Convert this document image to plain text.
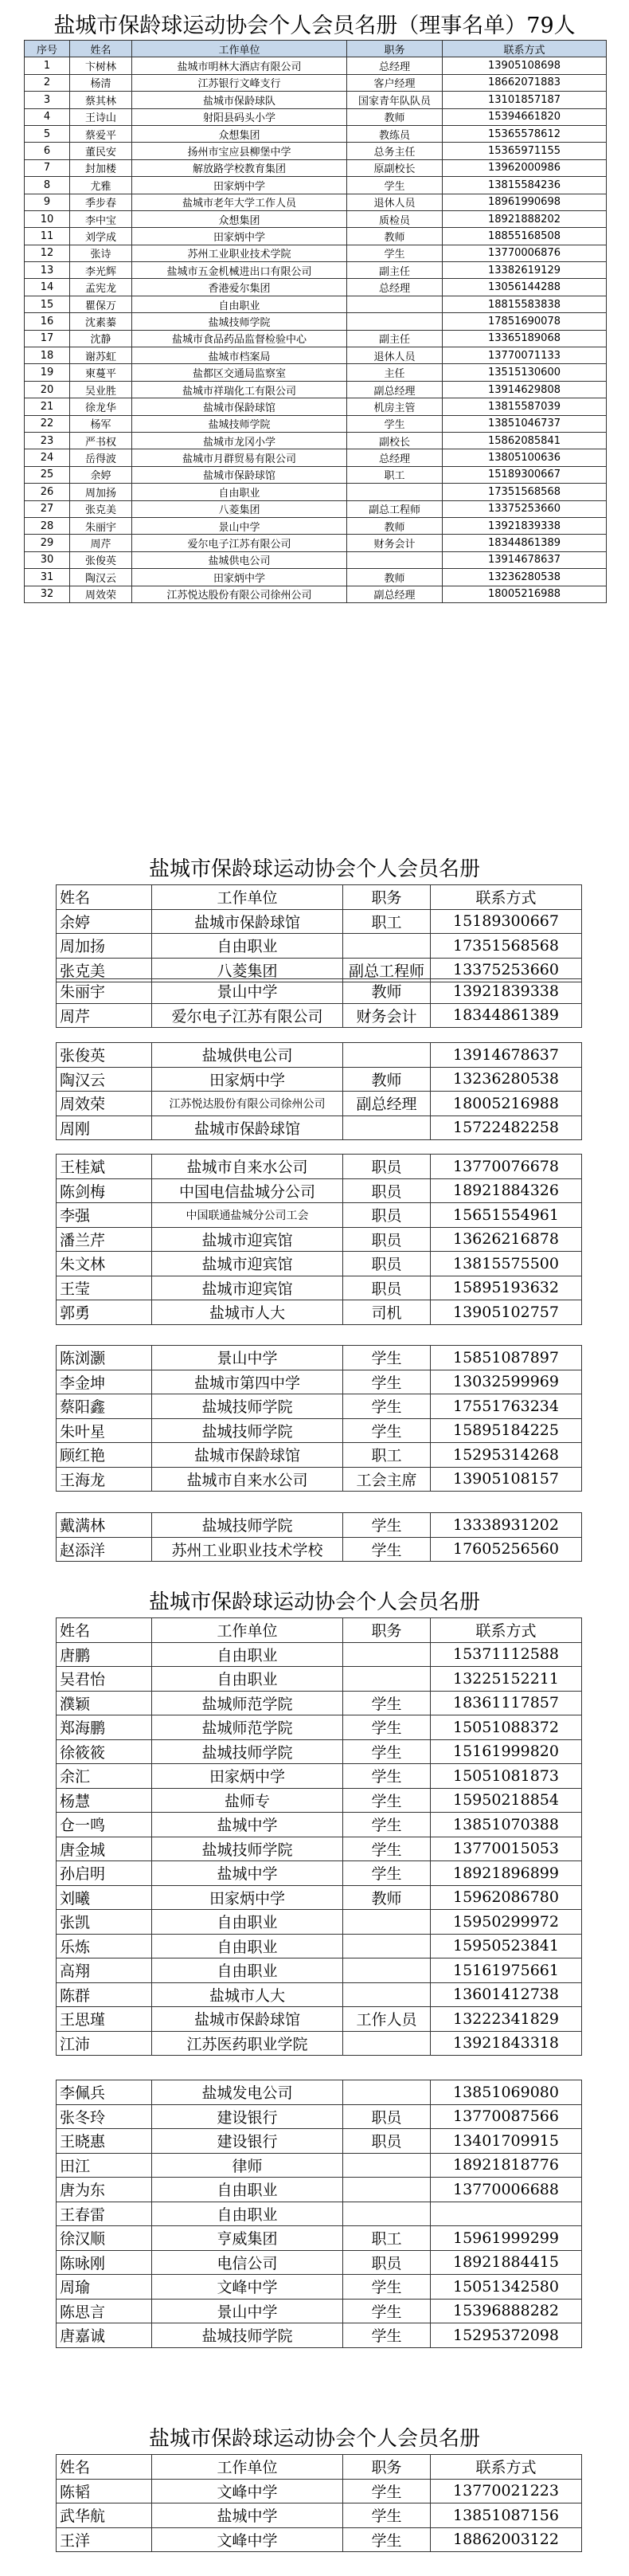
盐城市保龄球运动协会个人会员名册（理事名单）79人
序号	姓名	工作单位	职务	联系方式
1	卞树林	盐城市明林大酒店有限公司	总经理	13905108698
2	杨清	江苏银行文峰支行	客户经理	18662071883
3	蔡其林	盐城市保龄球队	国家青年队队员	13101857187
4	王诗山	射阳县码头小学	教师	15394661820
5	蔡爱平	众想集团	教练员	15365578612
6	董民安	扬州市宝应县柳堡中学	总务主任	15365971155
7	封加楼	解放路学校教育集团	原副校长	13962000986
8	尤雅	田家炳中学	学生	13815584236
9	季步春	盐城市老年大学工作人员	退休人员	18961990698
10	李中宝	众想集团	质检员	18921888202
11	刘学成	田家炳中学	教师	18855168508
12	张诗	苏州工业职业技术学院	学生	13770006876
13	李光辉	盐城市五金机械进出口有限公司	副主任	13382619129
14	孟宪龙	香港爱尔集团	总经理	13056144288
15	瞿保万	自由职业		18815583838
16	沈素蓁	盐城技师学院		17851690078
17	沈静	盐城市食品药品监督检验中心	副主任	13365189068
18	谢苏虹	盐城市档案局	退休人员	13770071133
19	柬蔓平	盐都区交通局监察室	主任	13515130600
20	吴业胜	盐城市祥瑞化工有限公司	副总经理	13914629808
21	徐龙华	盐城市保龄球馆	机房主管	13815587039
22	杨军	盐城技师学院	学生	13851046737
23	严书权	盐城市龙冈小学	副校长	15862085841
24	岳得波	盐城市月群贸易有限公司	总经理	13805100636
25	余婷	盐城市保龄球馆	职工	15189300667
26	周加扬	自由职业		17351568568
27	张克美	八菱集团	副总工程师	13375253660
28	朱丽宇	景山中学	教师	13921839338
29	周芹	爱尔电子江苏有限公司	财务会计	18344861389
30	张俊英	盐城供电公司		13914678637
31	陶汉云	田家炳中学	教师	13236280538
32	周效荣	江苏悦达股份有限公司徐州公司	副总经理	18005216988
盐城市保龄球运动协会个人会员名册
姓名	工作单位	职务	联系方式
余婷	盐城市保龄球馆	职工	15189300667
周加扬	自由职业		17351568568
张克美	八菱集团	副总工程师	13375253660
朱丽宇	景山中学	教师	13921839338
周芹	爱尔电子江苏有限公司	财务会计	18344861389
张俊英	盐城供电公司		13914678637
陶汉云	田家炳中学	教师	13236280538
周效荣	江苏悦达股份有限公司徐州公司	副总经理	18005216988
周刚	盐城市保龄球馆		15722482258
王桂斌	盐城市自来水公司	职员	13770076678
陈剑梅	中国电信盐城分公司	职员	18921884326
李强	中国联通盐城分公司工会	职员	15651554961
潘兰芹	盐城市迎宾馆	职员	13626216878
朱文林	盐城市迎宾馆	职员	13815575500
王莹	盐城市迎宾馆	职员	15895193632
郭勇	盐城市人大	司机	13905102757
陈浏灏	景山中学	学生	15851087897
李金坤	盐城市第四中学	学生	13032599969
蔡阳鑫	盐城技师学院	学生	17551763234
朱叶星	盐城技师学院	学生	15895184225
顾红艳	盐城市保龄球馆	职工	15295314268
王海龙	盐城市自来水公司	工会主席	13905108157
戴满林	盐城技师学院	学生	13338931202
赵添洋	苏州工业职业技术学校	学生	17605256560
盐城市保龄球运动协会个人会员名册
姓名	工作单位	职务	联系方式
唐鹏	自由职业		15371112588
吴君怡	自由职业		13225152211
濮颖	盐城师范学院	学生	18361117857
郑海鹏	盐城师范学院	学生	15051088372
徐筱筱	盐城技师学院	学生	15161999820
余汇	田家炳中学	学生	15051081873
杨慧	盐师专	学生	15950218854
仓一鸣	盐城中学	学生	13851070388
唐金城	盐城技师学院	学生	13770015053
孙启明	盐城中学	学生	18921896899
刘曦	田家炳中学	教师	15962086780
张凯	自由职业		15950299972
乐炼	自由职业		15950523841
高翔	自由职业		15161975661
陈群	盐城市人大		13601412738
王思瑾	盐城市保龄球馆	工作人员	13222341829
江沛	江苏医药职业学院		13921843318
李佩兵	盐城发电公司		13851069080
张冬玲	建设银行	职员	13770087566
王晓惠	建设银行	职员	13401709915
田江	律师		18921818776
唐为东	自由职业		13770006688
王春雷	自由职业		
徐汉顺	亨威集团	职工	15961999299
陈咏刚	电信公司	职员	18921884415
周瑜	文峰中学	学生	15051342580
陈思言	景山中学	学生	15396888282
唐嘉诚	盐城技师学院	学生	15295372098
盐城市保龄球运动协会个人会员名册
姓名	工作单位	职务	联系方式
陈韬	文峰中学	学生	13770021223
武华航	盐城中学	学生	13851087156
王洋	文峰中学	学生	18862003122
